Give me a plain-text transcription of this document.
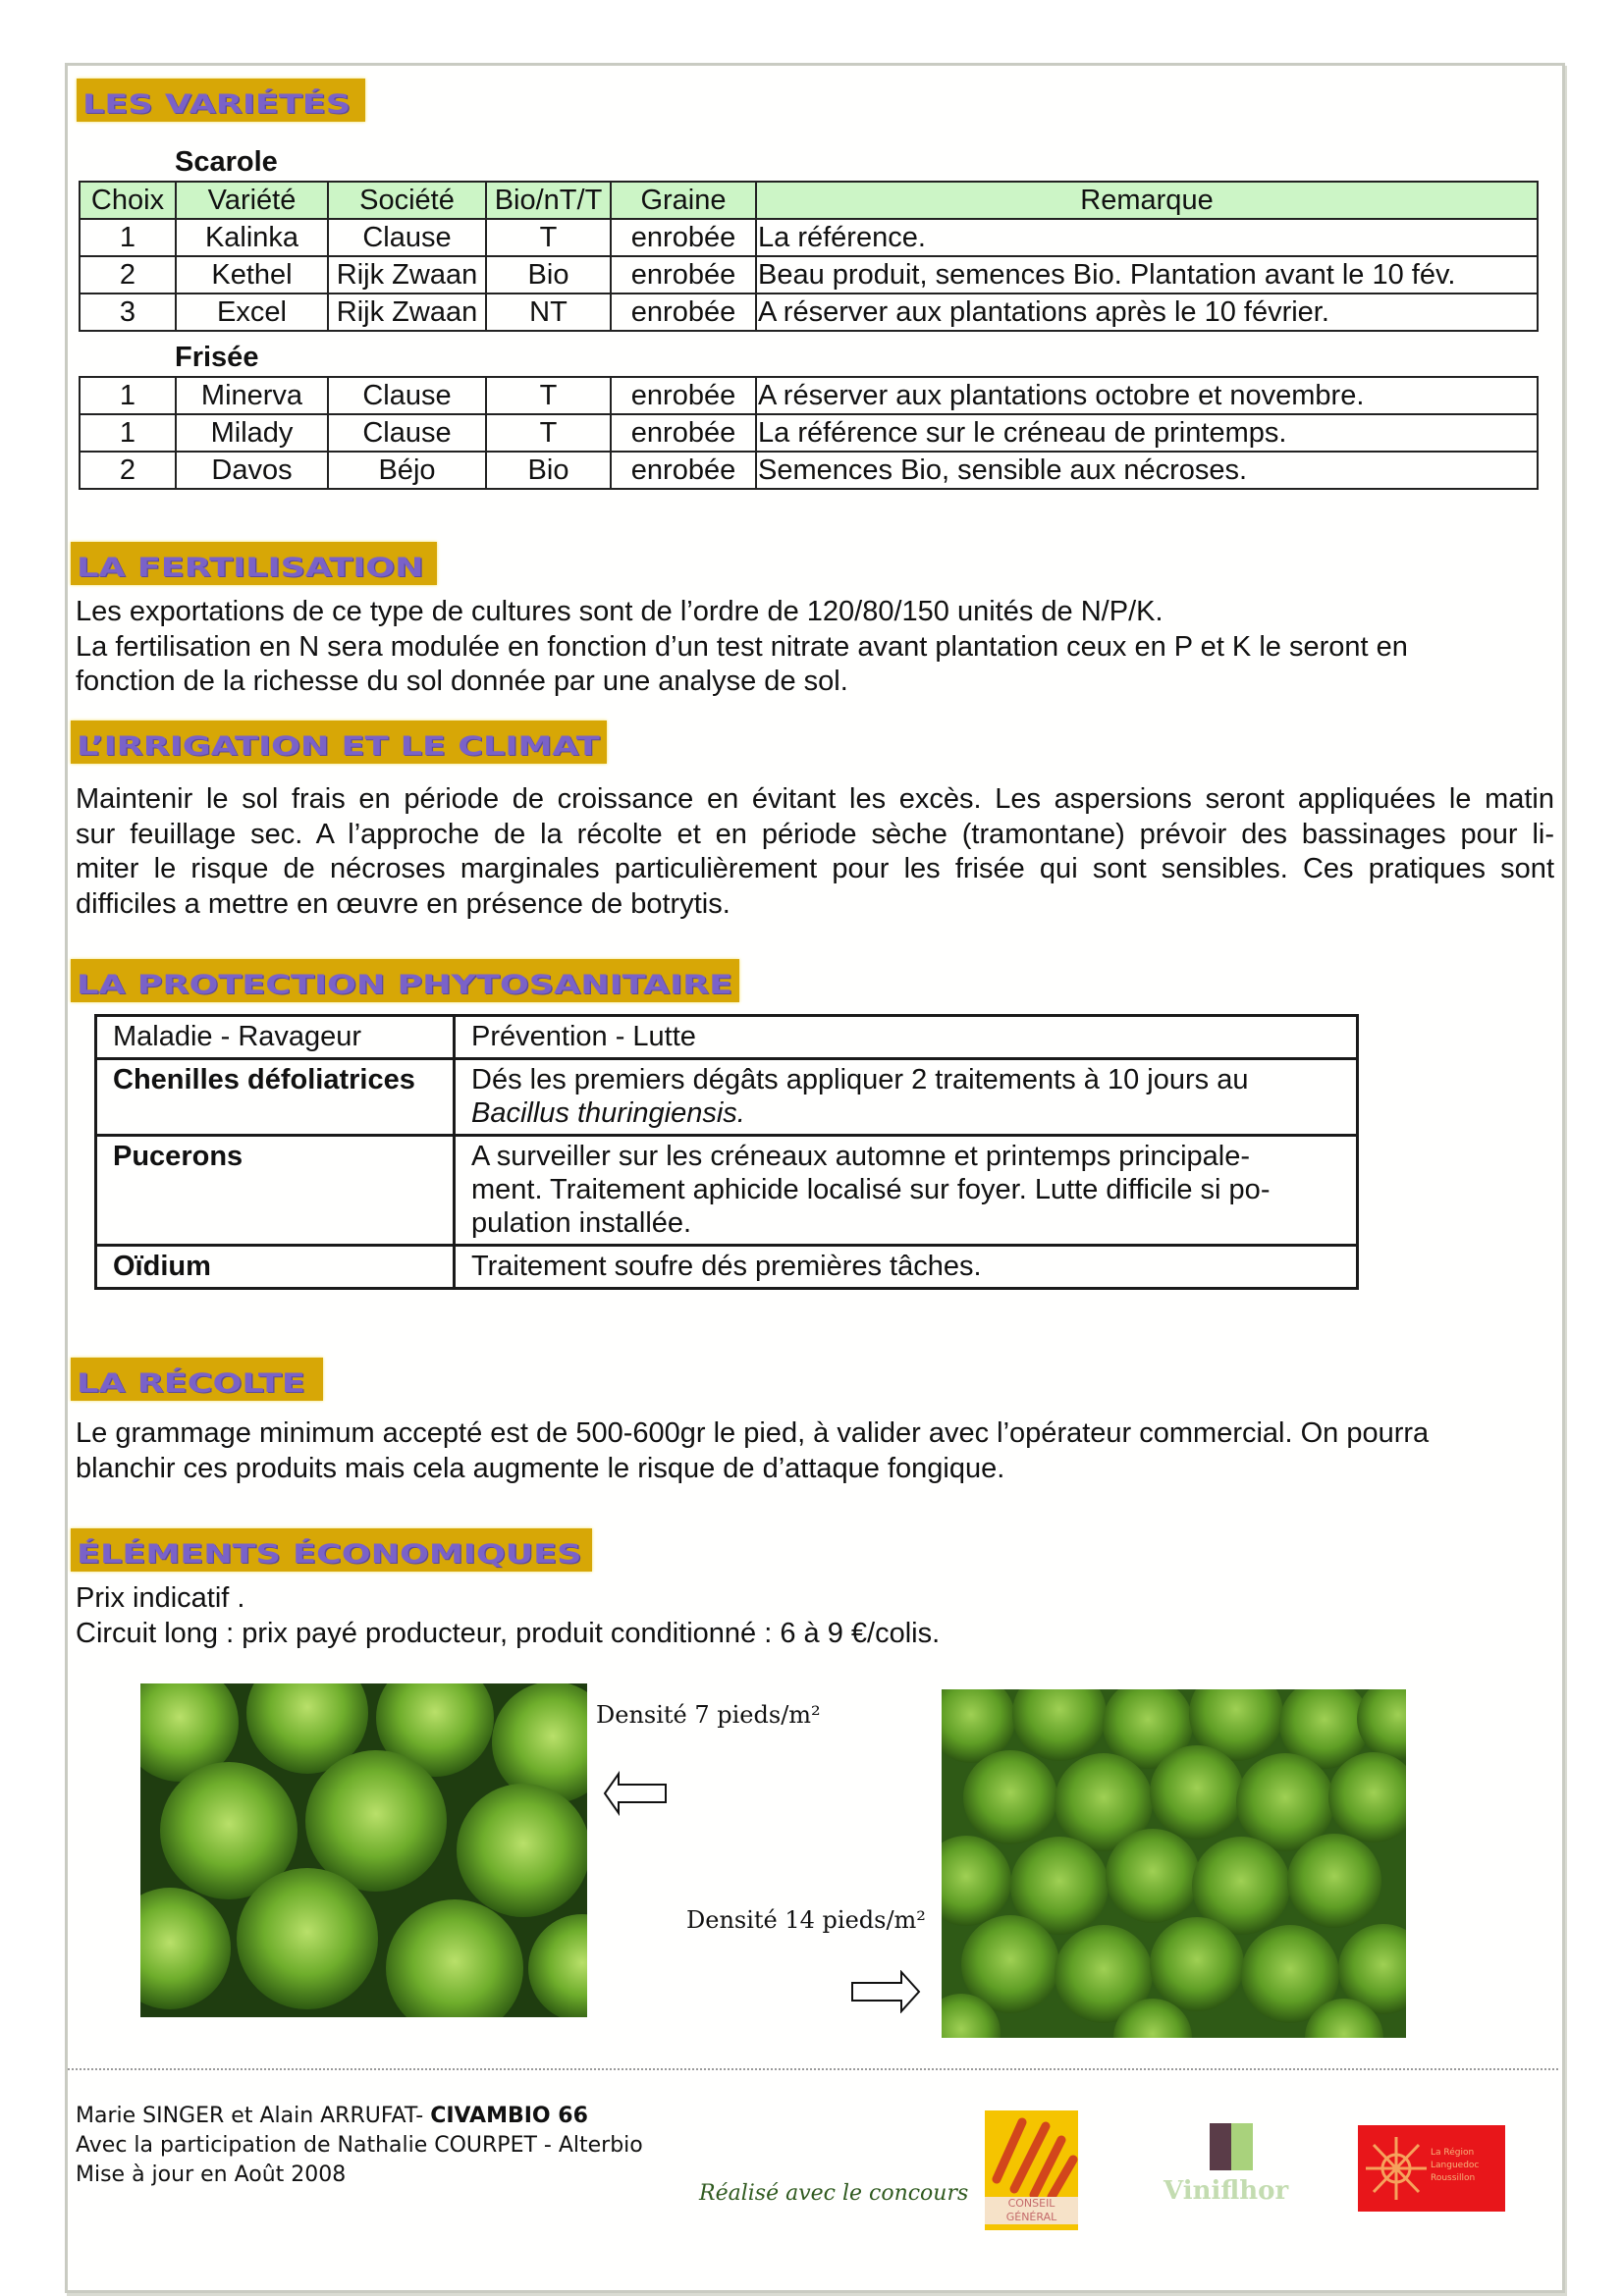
LES VARIÉTÉS
Scarole
Choix	Variété	Société	Bio/nT/T	Graine	Remarque
1	Kalinka	Clause	T	enrobée	La référence.
2	Kethel	Rijk Zwaan	Bio	enrobée	Beau produit, semences Bio. Plantation avant le 10 fév.
3	Excel	Rijk Zwaan	NT	enrobée	A réserver aux plantations après le 10 février.
Frisée
1	Minerva	Clause	T	enrobée	A réserver aux plantations octobre et novembre.
1	Milady	Clause	T	enrobée	La référence sur le créneau de printemps.
2	Davos	Béjo	Bio	enrobée	Semences Bio, sensible aux nécroses.
LA FERTILISATION
Les exportations de ce type de cultures sont de l’ordre de 120/80/150 unités de N/P/K.
La fertilisation en N sera modulée en fonction d’un test nitrate avant plantation ceux en P et K le seront en
fonction de la richesse du sol donnée par une analyse de sol.
L’IRRIGATION ET LE CLIMAT
Maintenir le sol frais en période de croissance en évitant les excès. Les aspersions seront appliquées le matin
sur feuillage sec. A l’approche de la récolte et en période sèche (tramontane) prévoir des bassinages pour li-
miter le risque de nécroses marginales particulièrement pour les frisée qui sont sensibles. Ces pratiques sont
difficiles a mettre en œuvre en présence de botrytis.
LA PROTECTION PHYTOSANITAIRE
Maladie - Ravageur	Prévention - Lutte
Chenilles défoliatrices	Dés les premiers dégâts appliquer 2 traitements à 10 jours au
Bacillus thuringiensis.

Pucerons	A surveiller sur les créneaux automne et printemps principale-
ment. Traitement aphicide localisé sur foyer. Lutte difficile si po-
pulation installée.

Oïdium	Traitement soufre dés premières tâches.
LA RÉCOLTE
Le grammage minimum accepté est de 500-600gr le pied, à valider avec l’opérateur commercial. On pourra
blanchir ces produits mais cela augmente le risque de d’attaque fongique.
ÉLÉMENTS ÉCONOMIQUES
Prix indicatif .
Circuit long : prix payé producteur, produit conditionné : 6 à 9 €/colis.
Densité 7 pieds/m²
Densité 14 pieds/m²
Marie SINGER et Alain ARRUFAT- CIVAMBIO 66
Avec la participation de Nathalie COURPET - Alterbio
Mise à jour en Août 2008
Réalisé avec le concours	CONSEIL GÉNÉRAL
Viniflhor
La Région Languedoc Roussillon
